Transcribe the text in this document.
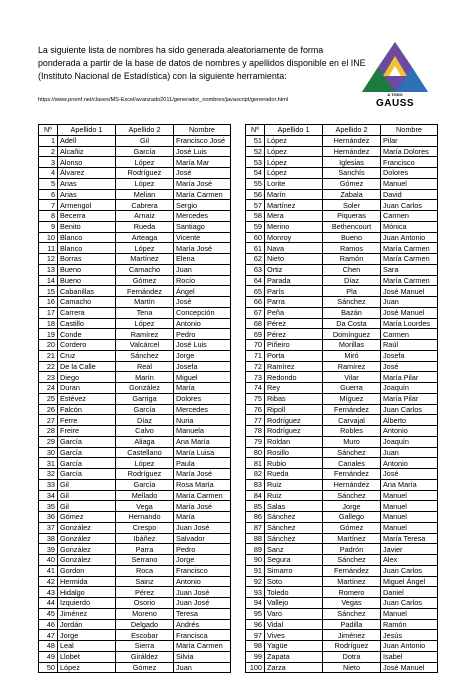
La siguiente lista de nombres ha sido generada aleatoriamente de forma ponderada a partir de la base de datos de nombres y apellidos disponible en el INE (Instituto Nacional de Estadística) con la siguiente herramienta:

https://www.proinf.net/clases/MS-Excel/avanzado2011/generador_nombres/javascript/generador.html
A TODO
GAUSS
Nº	Apellido 1	Apellido 2	Nombre
1	Adell	Gil	Francisco José
2	Alcañiz	García	José Luis
3	Alonso	López	María Mar
4	Álvarez	Rodríguez	José
5	Arias	López	María José
6	Arias	Melian	María Carmen
7	Armengol	Cabrera	Sergio
8	Becerra	Arnaiz	Mercedes
9	Benito	Rueda	Santiago
10	Blanco	Arteaga	Vicente
11	Blanco	López	María José
12	Borras	Martínez	Elena
13	Bueno	Camacho	Juan
14	Bueno	Gómez	Rocío
15	Cabanillas	Fernández	Ángel
16	Camacho	Martín	José
17	Carrera	Tena	Concepción
18	Castillo	López	Antonio
19	Conde	Ramírez	Pedro
20	Cordero	Valcárcel	José Luis
21	Cruz	Sánchez	Jorge
22	De la Calle	Real	Josefa
23	Diego	Marín	Miguel
24	Duran	González	María
25	Estévez	Garriga	Dolores
26	Falcón	García	Mercedes
27	Ferre	Díaz	Nuria
28	Freire	Calvo	Manuela
29	García	Aliaga	Ana María
30	García	Castellano	María Luisa
31	García	López	Paula
32	García	Rodríguez	María José
33	Gil	García	Rosa María
34	Gil	Mellado	María Carmen
35	Gil	Vega	María José
36	Gómez	Hernando	María
37	González	Crespo	Juan José
38	González	Ibáñez	Salvador
39	González	Parra	Pedro
40	González	Serrano	Jorge
41	Gordon	Roca	Francisco
42	Hermida	Sainz	Antonio
43	Hidalgo	Pérez	Juan José
44	Izquierdo	Osorio	Juan José
45	Jiménez	Moreno	Teresa
46	Jordán	Delgado	Andrés
47	Jorge	Escobar	Francisca
48	Leal	Sierra	María Carmen
49	Llobet	Giráldez	Silvia
50	López	Gómez	Juan
Nº	Apellido 1	Apellido 2	Nombre
51	López	Hernández	Pilar
52	López	Hernández	María Dolores
53	López	Iglesias	Francisco
54	López	Sanchís	Dolores
55	Lorite	Gómez	Manuel
56	Marín	Zabala	David
57	Martínez	Soler	Juan Carlos
58	Mera	Piqueras	Carmen
59	Merino	Bethencourt	Mónica
60	Monroy	Bueno	Juan Antonio
61	Nava	Ramos	María Carmen
62	Nieto	Ramón	María Carmen
63	Ortiz	Chen	Sara
64	Parada	Díaz	María Carmen
65	París	Pla	José Manuel
66	Parra	Sánchez	Juan
67	Peña	Bazán	José Manuel
68	Pérez	Da Costa	María Lourdes
69	Pérez	Domínguez	Carmen
70	Piñeiro	Morillas	Raúl
71	Porta	Miró	Josefa
72	Ramírez	Ramírez	José
73	Redondo	Vilar	María Pilar
74	Rey	Guerra	Joaquín
75	Ribas	Míguez	María Pilar
76	Ripoll	Fernández	Juan Carlos
77	Rodríguez	Carvajal	Alberto
78	Rodríguez	Robles	Antonio
79	Roldan	Muro	Joaquín
80	Rosillo	Sánchez	Juan
81	Rubio	Canales	Antonio
82	Rueda	Fernández	José
83	Ruiz	Hernández	Ana María
84	Ruiz	Sánchez	Manuel
85	Salas	Jorge	Manuel
86	Sánchez	Gallego	Manuel
87	Sánchez	Gómez	Manuel
88	Sánchez	Martínez	María Teresa
89	Sanz	Padrón	Javier
90	Segura	Sánchez	Alex
91	Simarro	Fernández	Juan Carlos
92	Soto	Martínez	Miguel Ángel
93	Toledo	Romero	Daniel
94	Vallejo	Vegas	Juan Carlos
95	Varo	Sánchez	Manuel
96	Vidal	Padilla	Ramón
97	Vives	Jiménez	Jesús
98	Yagüe	Rodríguez	Juan Antonio
99	Zapata	Dotra	Isabel
100	Zarza	Nieto	José Manuel
